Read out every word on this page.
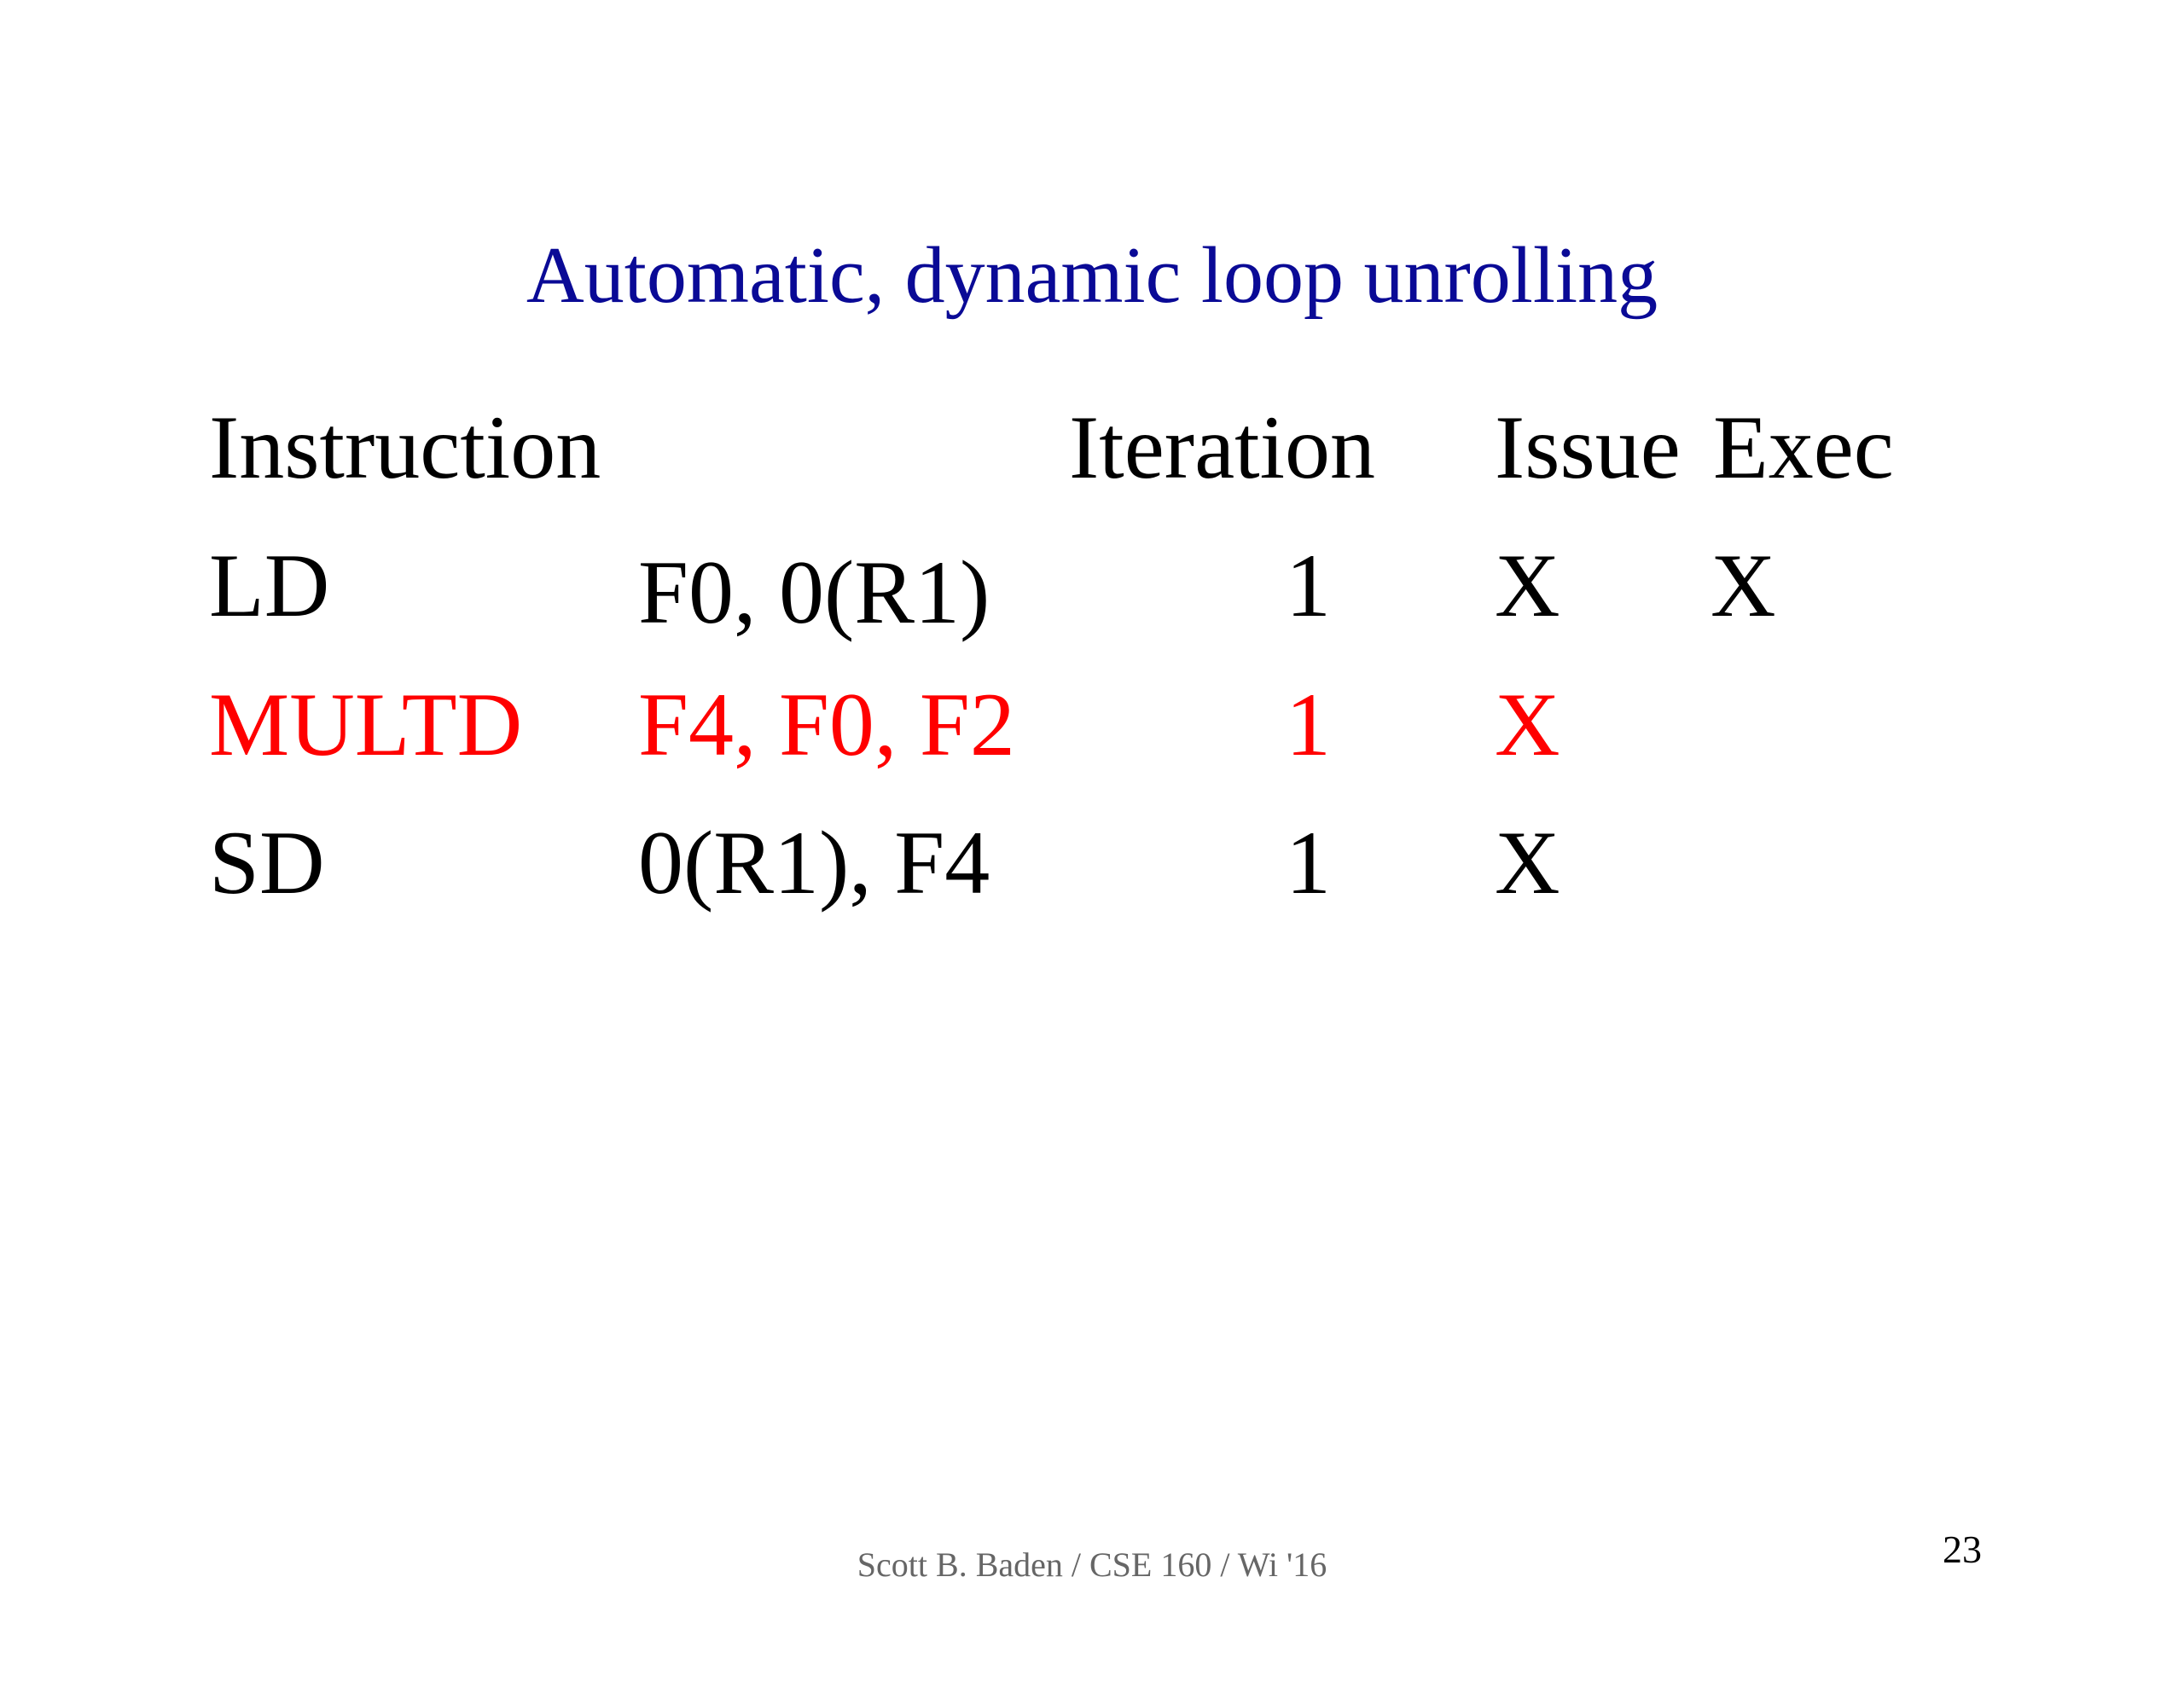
Automatic, dynamic loop unrolling
Instruction	Iteration Issue Exec
LD	F0, 0(R1)	1 X X
MULTD F4, F0, F2	1 X
SD	0(R1), F4	1 X
Scott B. Baden / CSE 160 / Wi '16	23
